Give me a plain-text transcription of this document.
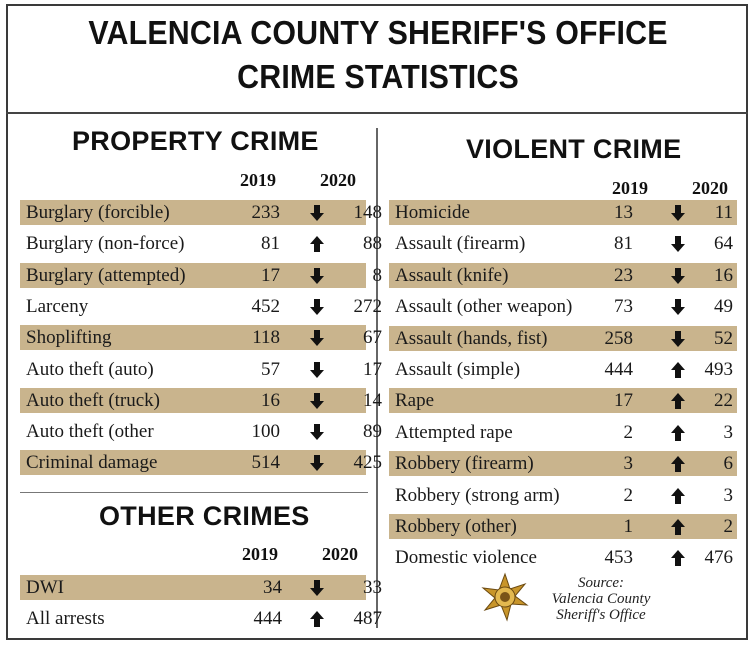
VALENCIA COUNTY SHERIFF'S OFFICE
CRIME STATISTICS
PROPERTY CRIME
2019 2020
Burglary (forcible)	233	148
Burglary (non-force)	81	88
Burglary (attempted)	17	8
Larceny	452	272
Shoplifting	118	67
Auto theft (auto)	57	17
Auto theft (truck)	16	14
Auto theft (other	100	89
Criminal damage	514	425
OTHER CRIMES
2019 2020
DWI	34	33
All arrests	444	487
VIOLENT CRIME
2019 2020
Homicide	13	11
Assault (firearm)	81	64
Assault (knife)	23	16
Assault (other weapon)	73	49
Assault (hands, fist)	258	52
Assault (simple)	444	493
Rape	17	22
Attempted rape	2	3
Robbery (firearm)	3	6
Robbery (strong arm)	2	3
Robbery (other)	1	2
Domestic violence	453	476
Source:
Valencia County
Sheriff's Office
